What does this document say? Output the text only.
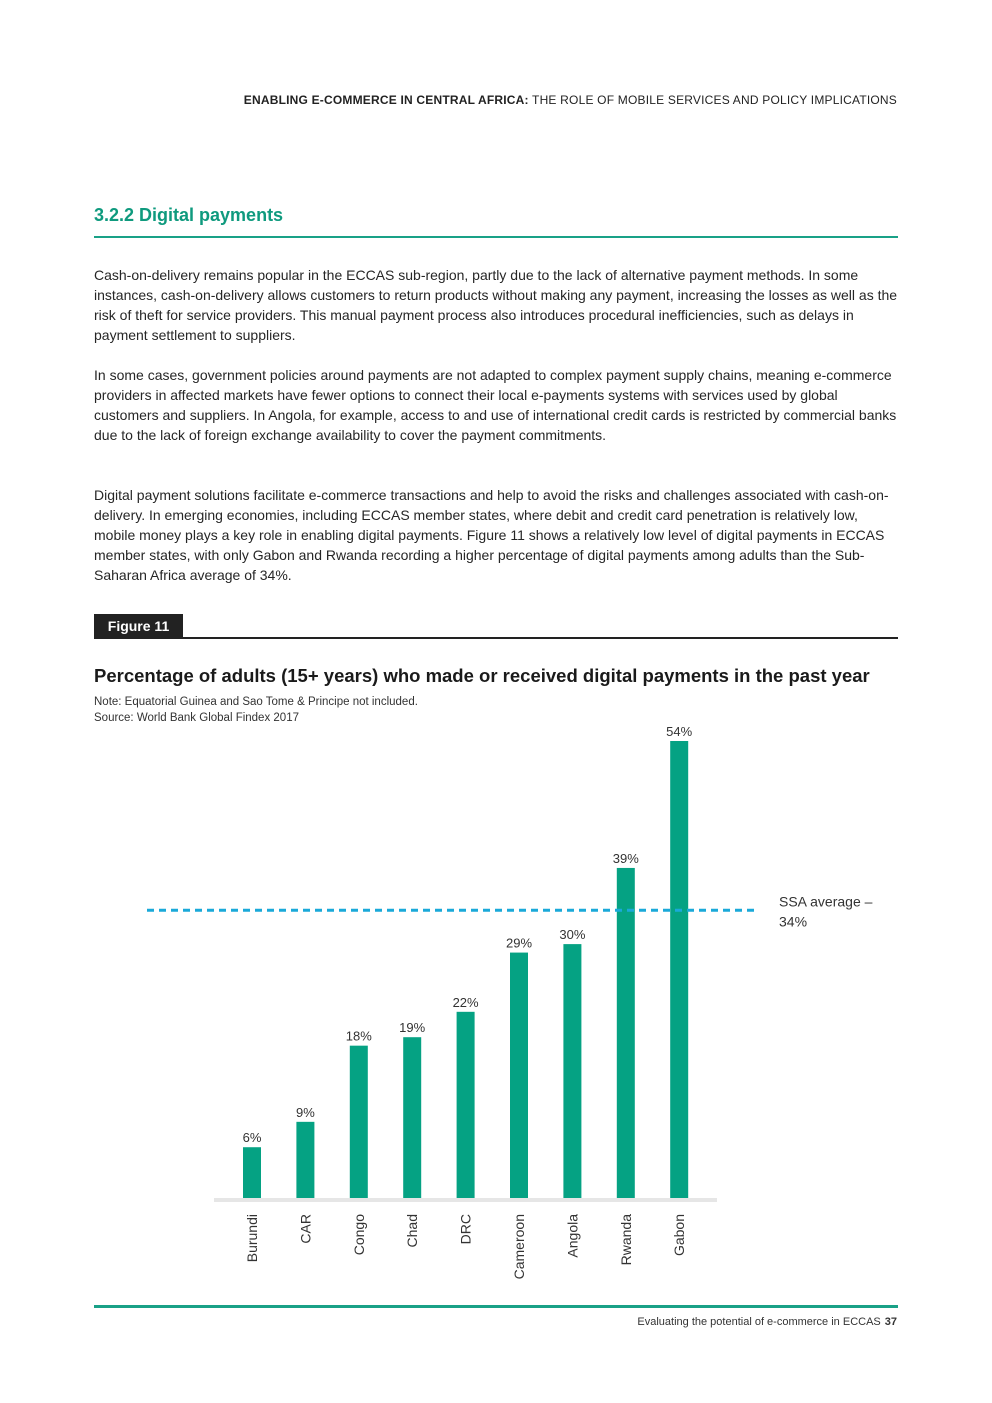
ENABLING E-COMMERCE IN CENTRAL AFRICA: THE ROLE OF MOBILE SERVICES AND POLICY IMPLICATIONS
3.2.2 Digital payments

Cash-on-delivery remains popular in the ECCAS sub-region, partly due to the lack of alternative payment methods. In some instances, cash-on-delivery allows customers to return products without making any payment, increasing the losses as well as the risk of theft for service providers. This manual payment process also introduces procedural inefficiencies, such as delays in payment settlement to suppliers.

In some cases, government policies around payments are not adapted to complex payment supply chains, meaning e-commerce providers in affected markets have fewer options to connect their local e-payments systems with services used by global customers and suppliers. In Angola, for example, access to and use of international credit cards is restricted by commercial banks due to the lack of foreign exchange availability to cover the payment commitments.

Digital payment solutions facilitate e-commerce transactions and help to avoid the risks and challenges associated with cash-on-delivery. In emerging economies, including ECCAS member states, where debit and credit card penetration is relatively low, mobile money plays a key role in enabling digital payments. Figure 11 shows a relatively low level of digital payments in ECCAS member states, with only Gabon and Rwanda recording a higher percentage of digital payments among adults than the Sub-Saharan Africa average of 34%.

Figure 11
Percentage of adults (15+ years) who made or received digital payments in the past year
Note: Equatorial Guinea and Sao Tome & Principe not included.
Source: World Bank Global Findex 2017
6%
Burundi
9%
CAR
18%
Congo
19%
Chad
22%
DRC
29%
Cameroon
30%
Angola
39%
Rwanda
54%
Gabon
SSA average –
34%
Evaluating the potential of e-commerce in ECCAS 37
